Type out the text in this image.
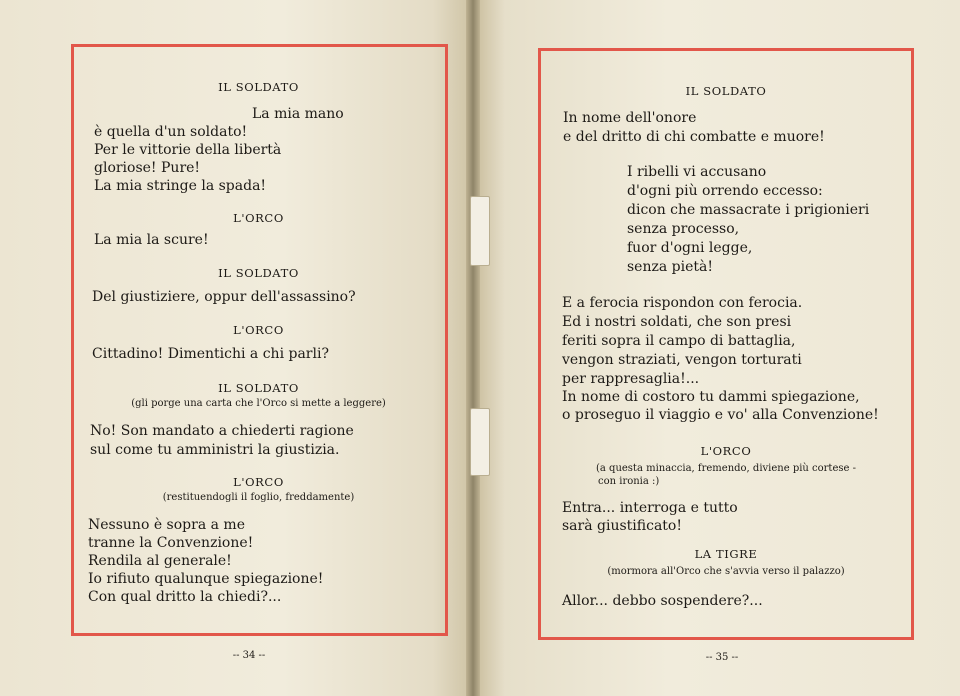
IL SOLDATO
La mia mano
è quella d'un soldato!
Per le vittorie della libertà
gloriose! Pure!
La mia stringe la spada!
L'ORCO
La mia la scure!
IL SOLDATO
Del giustiziere, oppur dell'assassino?
L'ORCO
Cittadino! Dimentichi a chi parli?
IL SOLDATO
(gli porge una carta che l'Orco si mette a leggere)
No! Son mandato a chiederti ragione
sul come tu amministri la giustizia.
L'ORCO
(restituendogli il foglio, freddamente)
Nessuno è sopra a me
tranne la Convenzione!
Rendila al generale!
Io rifiuto qualunque spiegazione!
Con qual dritto la chiedi?...
-- 34 --
IL SOLDATO
In nome dell'onore
e del dritto di chi combatte e muore!
I ribelli vi accusano
d'ogni più orrendo eccesso:
dicon che massacrate i prigionieri
senza processo,
fuor d'ogni legge,
senza pietà!
E a ferocia rispondon con ferocia.
Ed i nostri soldati, che son presi
feriti sopra il campo di battaglia,
vengon straziati, vengon torturati
per rappresaglia!...
In nome di costoro tu dammi spiegazione,
o proseguo il viaggio e vo' alla Convenzione!
L'ORCO
(a questa minaccia, fremendo, diviene più cortese -
con ironia :)
Entra... interroga e tutto
sarà giustificato!
LA TIGRE
(mormora all'Orco che s'avvia verso il palazzo)
Allor... debbo sospendere?...
-- 35 --
